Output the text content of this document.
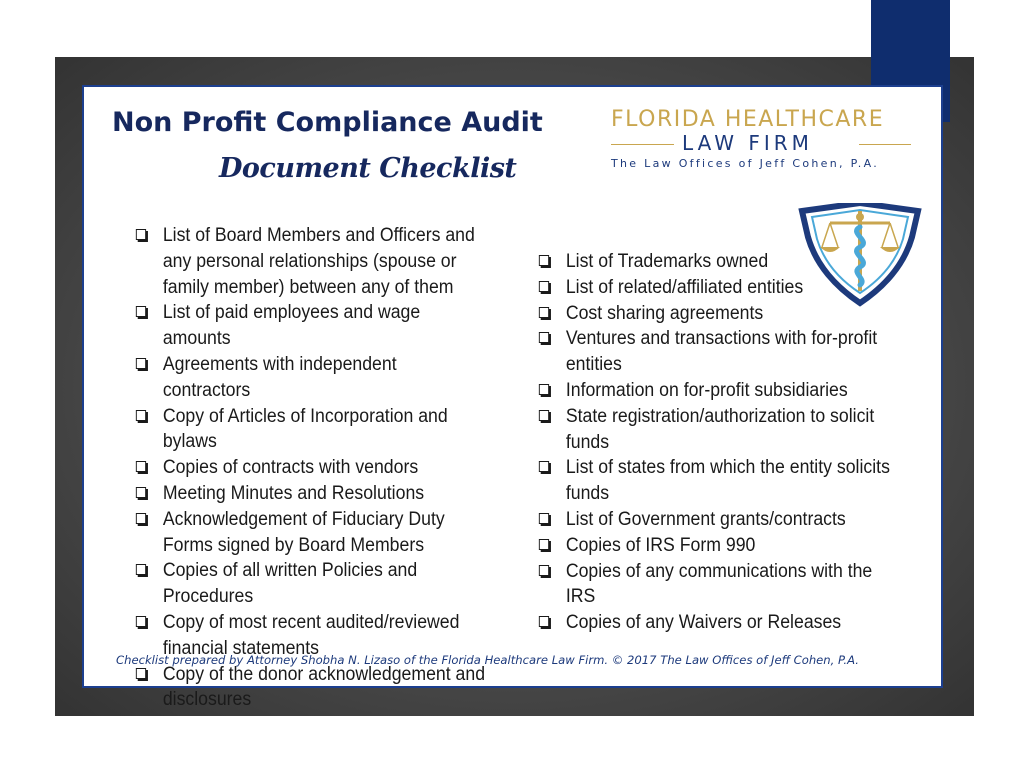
Non Profit Compliance Audit
Document Checklist
FLORIDA HEALTHCARE
LAW FIRM
The Law Offices of Jeff Cohen, P.A.
List of Board Members and Officers and any personal relationships (spouse or family member) between any of them
List of paid employees and wage amounts
Agreements with independent contractors
Copy of Articles of Incorporation and bylaws
Copies of contracts with vendors
Meeting Minutes and Resolutions
Acknowledgement of Fiduciary Duty Forms signed by Board Members
Copies of all written Policies and Procedures
Copy of most recent audited/reviewed financial statements
Copy of the donor acknowledgement and disclosures
List of Trademarks owned
List of related/affiliated entities
Cost sharing agreements
Ventures and transactions with for-profit entities
Information on for-profit subsidiaries
State registration/authorization to solicit funds
List of states from which the entity solicits funds
List of Government grants/contracts
Copies of IRS Form 990
Copies of any communications with the IRS
Copies of any Waivers or Releases

Checklist prepared by Attorney Shobha N. Lizaso of the Florida Healthcare Law Firm. © 2017 The Law Offices of Jeff Cohen, P.A.
